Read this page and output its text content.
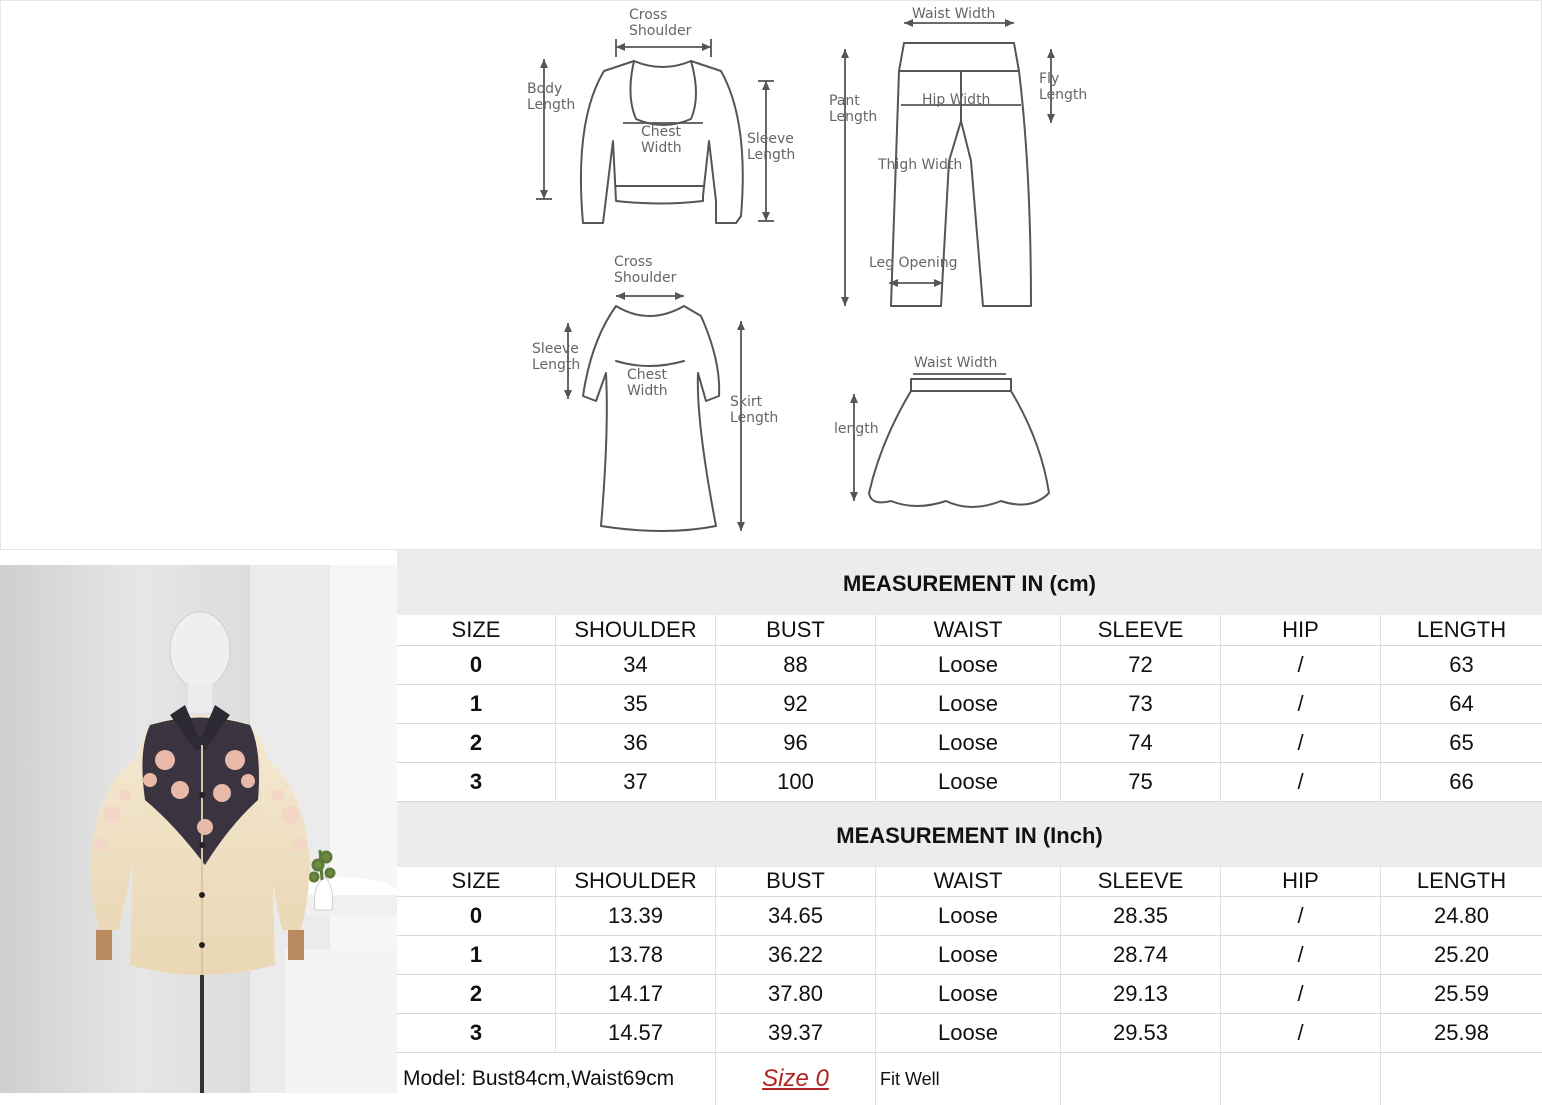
Cross Shoulder
Body Length
Chest Width
Sleeve Length
Waist Width
Pant Length
Hip Width
Fly Length
Thigh Width
Leg Opening
Cross Shoulder
Sleeve Length
Chest Width
Skirt Length
Waist Width
length
MEASUREMENT IN (cm)
SIZE	SHOULDER	BUST	WAIST	SLEEVE	HIP	LENGTH
0	34	88	Loose	72	/	63
1	35	92	Loose	73	/	64
2	36	96	Loose	74	/	65
3	37	100	Loose	75	/	66
MEASUREMENT IN (Inch)
SIZE	SHOULDER	BUST	WAIST	SLEEVE	HIP	LENGTH
0	13.39	34.65	Loose	28.35	/	24.80
1	13.78	36.22	Loose	28.74	/	25.20
2	14.17	37.80	Loose	29.13	/	25.59
3	14.57	39.37	Loose	29.53	/	25.98
Model: Bust84cm,Waist69cm	Size 0	Fit Well
